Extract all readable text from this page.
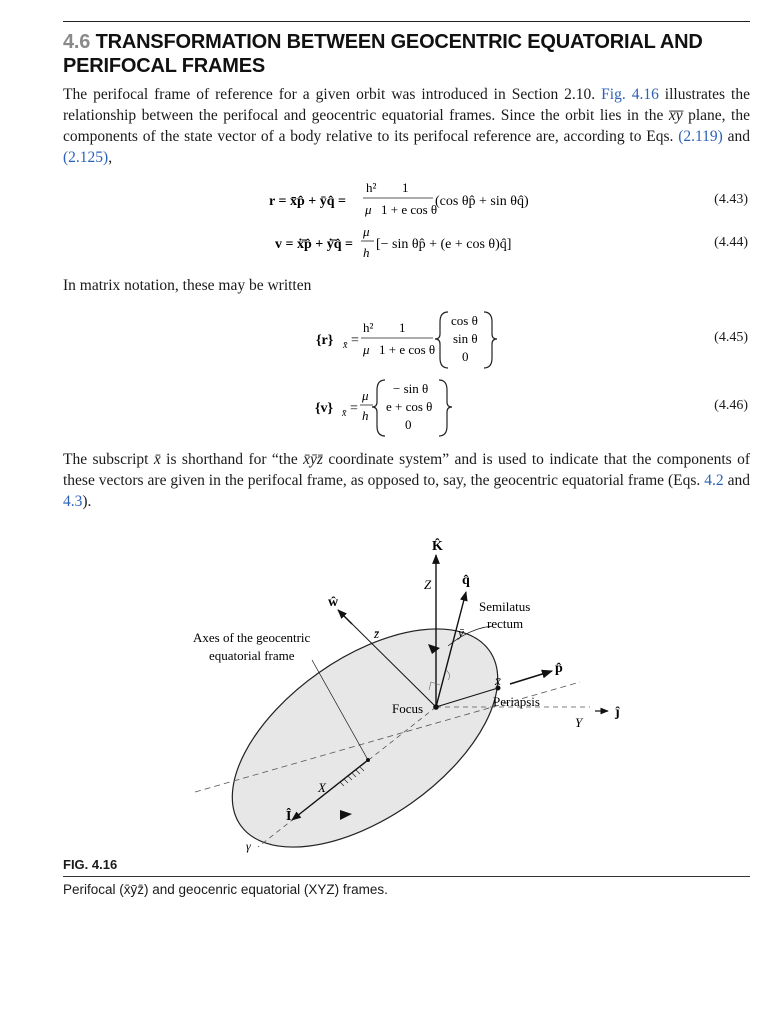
4.6 TRANSFORMATION BETWEEN GEOCENTRIC EQUATORIAL AND
PERIFOCAL FRAMES
The perifocal frame of reference for a given orbit was introduced in Section 2.10. Fig. 4.16 illustrates the relationship between the perifocal and geocentric equatorial frames. Since the orbit lies in the x̅y̅ plane, the components of the state vector of a body relative to its perifocal reference are, according to Eqs. (2.119) and (2.125),
r = x̄p̂ + ȳq̂ =
h²
μ
1
1 + e cos θ
(cos θp̂ + sin θq̂)	(4.43)
v = ẋ̄p̂ + ẏ̄q̂ =
μ
h
[− sin θp̂ + (e + cos θ)q̂]	(4.44)
In matrix notation, these may be written
{r} x̄ =
h²
μ
1
1 + e cos θ
cos θ
sin θ
0
(4.45)
{v} x̄ =
μ
h
− sin θ
e + cos θ
0
(4.46)
The subscript x̄ is shorthand for “the x̄ȳz̄ coordinate system” and is used to indicate that the components of these vectors are given in the perifocal frame, as opposed to, say, the geocentric equatorial frame (Eqs. 4.2 and 4.3).
K̂
Z q̂
ŵ
z̄	ȳ
Semilatus
rectum
Axes of the geocentric
equatorial frame
p̂
x̄
Focus	Periapsis
Y
ĵ
X
Î
γ
FIG. 4.16
Perifocal (x̄ȳz̄) and geocenric equatorial (XYZ) frames.
